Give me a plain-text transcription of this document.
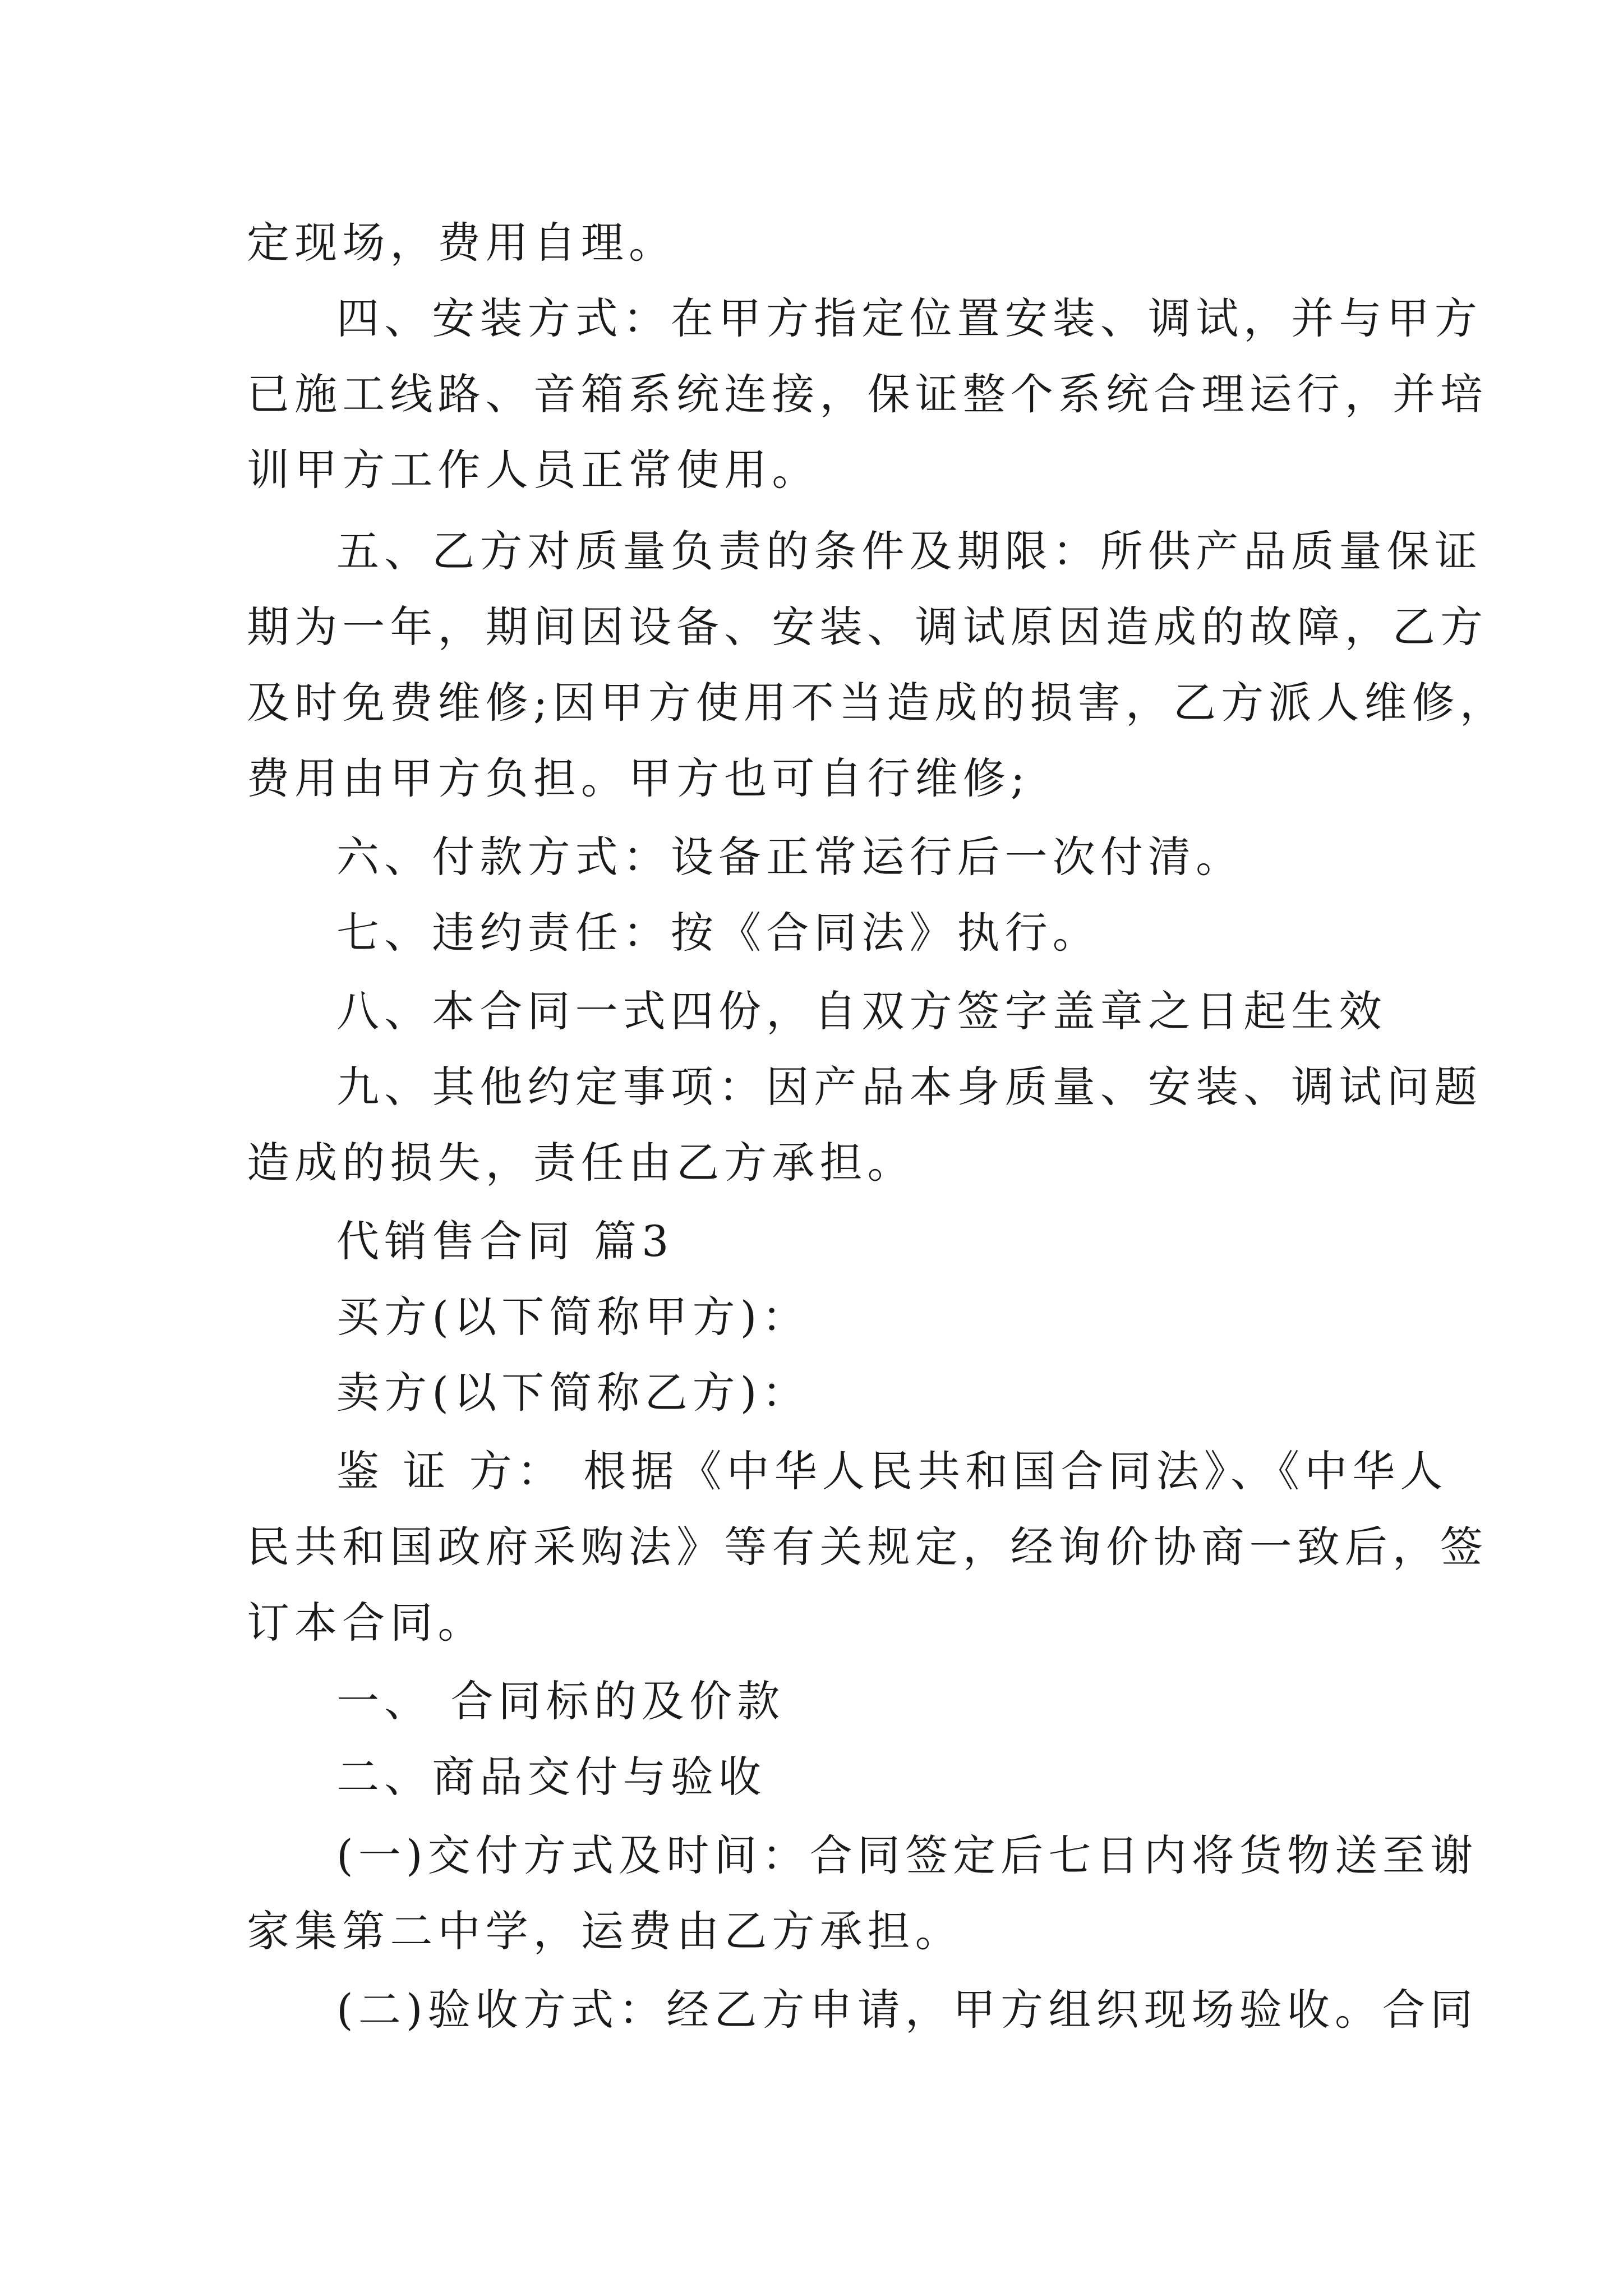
定现场，费用自理。
四、安装方式：在甲方指定位置安装、调试，并与甲方
已施工线路、音箱系统连接，保证整个系统合理运行，并培
训甲方工作人员正常使用。
五、乙方对质量负责的条件及期限：所供产品质量保证
期为一年，期间因设备、安装、调试原因造成的故障，乙方
及时免费维修;因甲方使用不当造成的损害，乙方派人维修，
费用由甲方负担。甲方也可自行维修;
六、付款方式：设备正常运行后一次付清。
七、违约责任：按《合同法》执行。
八、本合同一式四份，自双方签字盖章之日起生效
九、其他约定事项：因产品本身质量、安装、调试问题
造成的损失，责任由乙方承担。
代销售合同 篇3
买方(以下简称甲方)：
卖方(以下简称乙方)：
鉴 证 方： 根据《中华人民共和国合同法》、《中华人
民共和国政府采购法》等有关规定，经询价协商一致后，签
订本合同。
一、 合同标的及价款
二、商品交付与验收
(一)交付方式及时间：合同签定后七日内将货物送至谢
家集第二中学，运费由乙方承担。
(二)验收方式：经乙方申请，甲方组织现场验收。合同
